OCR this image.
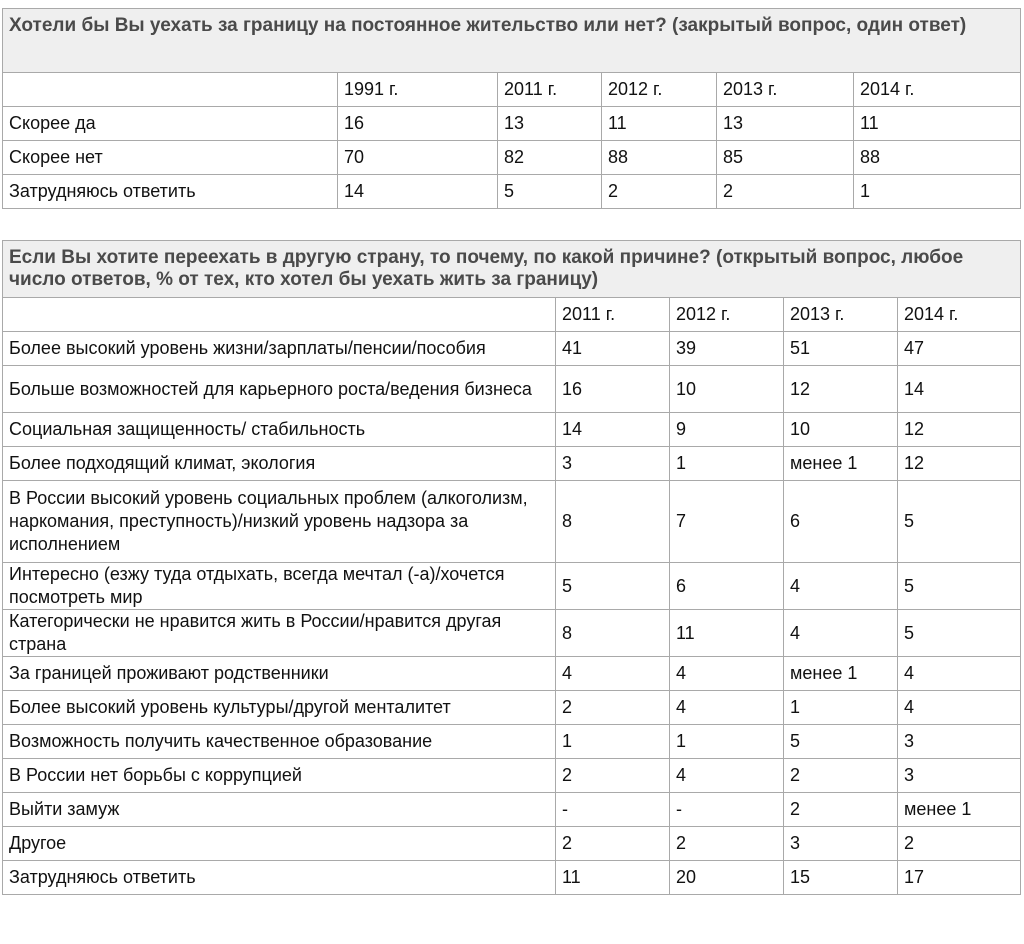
Хотели бы Вы уехать за границу на постоянное жительство или нет? (закрытый вопрос, один ответ)					
	1991 г.	2011 г.	2012 г.	2013 г.	2014 г.
Скорее да	16	13	11	13	11
Скорее нет	70	82	88	85	88
Затрудняюсь ответить	14	5	2	2	1
Если Вы хотите переехать в другую страну, то почему, по какой причине? (открытый вопрос, любое число ответов, % от тех, кто хотел бы уехать жить за границу)				
	2011 г.	2012 г.	2013 г.	2014 г.
Более высокий уровень жизни/зарплаты/пенсии/пособия	41	39	51	47
Больше возможностей для карьерного роста/ведения бизнеса	16	10	12	14
Социальная защищенность/ стабильность	14	9	10	12
Более подходящий климат, экология	3	1	менее 1	12
В России высокий уровень социальных проблем (алкоголизм, наркомания, преступность)/низкий уровень надзора за исполнением	8	7	6	5
Интересно (езжу туда отдыхать, всегда мечтал (-а)/хочется посмотреть мир	5	6	4	5
Категорически не нравится жить в России/нравится другая страна	8	11	4	5
За границей проживают родственники	4	4	менее 1	4
Более высокий уровень культуры/другой менталитет	2	4	1	4
Возможность получить качественное образование	1	1	5	3
В России нет борьбы с коррупцией	2	4	2	3
Выйти замуж	-	-	2	менее 1
Другое	2	2	3	2
Затрудняюсь ответить	11	20	15	17
